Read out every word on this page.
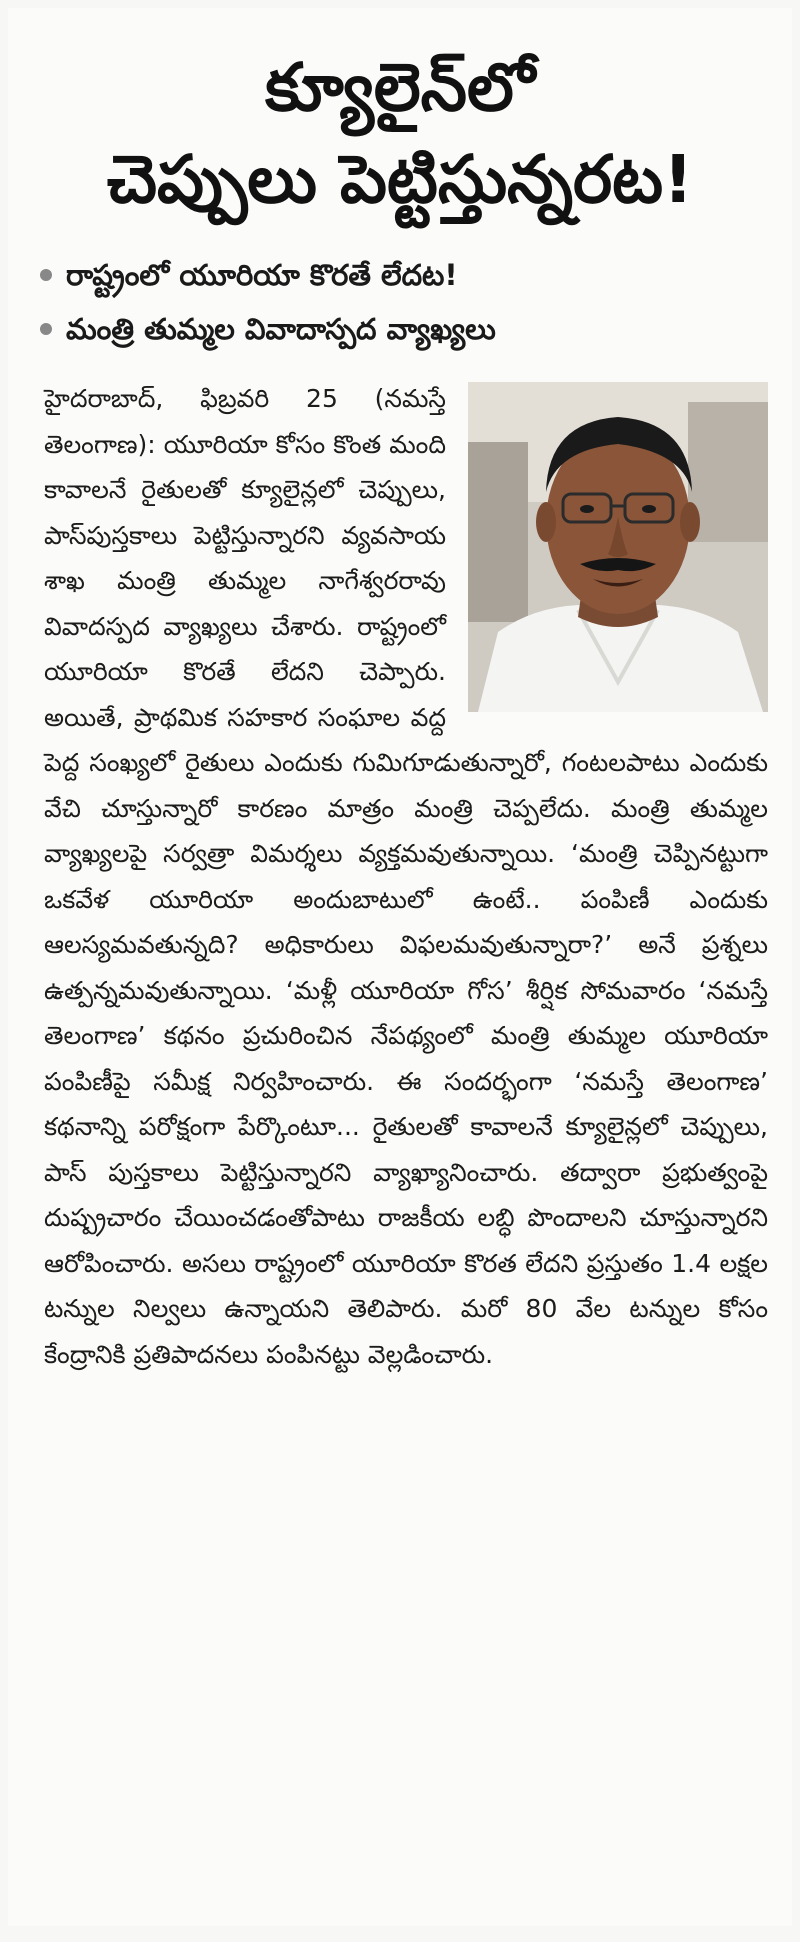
క్యూలైన్‌లో
చెప్పులు పెట్టిస్తున్నరట!
రాష్ట్రంలో యూరియా కొరతే లేదట!
మంత్రి తుమ్మల వివాదాస్పద వ్యాఖ్యలు
హైదరాబాద్, ఫిబ్రవరి 25 (నమస్తే తెలంగాణ): యూరియా కోసం కొంత మంది కావాలనే రైతులతో క్యూలైన్లలో చెప్పులు, పాస్‌పుస్తకాలు పెట్టిస్తున్నారని వ్యవసాయ శాఖ మంత్రి తుమ్మల నాగేశ్వరరావు వివాదస్పద వ్యాఖ్యలు చేశారు. రాష్ట్రంలో యూరియా కొరతే లేదని చెప్పారు. అయితే, ప్రాథమిక సహకార సంఘాల వద్ద పెద్ద సంఖ్యలో రైతులు ఎందుకు గుమిగూడుతున్నారో, గంటలపాటు ఎందుకు వేచి చూస్తున్నారో కారణం మాత్రం మంత్రి చెప్పలేదు. మంత్రి తుమ్మల వ్యాఖ్యలపై సర్వత్రా విమర్శలు వ్యక్తమవుతున్నాయి. ‘మంత్రి చెప్పినట్టుగా ఒకవేళ యూరియా అందుబాటులో ఉంటే.. పంపిణీ ఎందుకు ఆలస్యమవతున్నది? అధికారులు విఫలమవుతున్నారా?’ అనే ప్రశ్నలు ఉత్పన్నమవుతున్నాయి. ‘మళ్లీ యూరియా గోస’ శీర్షిక సోమవారం ‘నమస్తే తెలంగాణ’ కథనం ప్రచురించిన నేపథ్యంలో మంత్రి తుమ్మల యూరియా పంపిణీపై సమీక్ష నిర్వహించారు. ఈ సందర్భంగా ‘నమస్తే తెలంగాణ’ కథనాన్ని పరోక్షంగా పేర్కొంటూ... రైతులతో కావాలనే క్యూలైన్లలో చెప్పులు, పాస్ పుస్తకాలు పెట్టిస్తున్నారని వ్యాఖ్యానించారు. తద్వారా ప్రభుత్వంపై దుష్ప్రచారం చేయించడంతోపాటు రాజకీయ లబ్ధి పొందాలని చూస్తున్నారని ఆరోపించారు. అసలు రాష్ట్రంలో యూరియా కొరత లేదని ప్రస్తుతం 1.4 లక్షల టన్నుల నిల్వలు ఉన్నాయని తెలిపారు. మరో 80 వేల టన్నుల కోసం కేంద్రానికి ప్రతిపాదనలు పంపినట్టు వెల్లడించారు.
